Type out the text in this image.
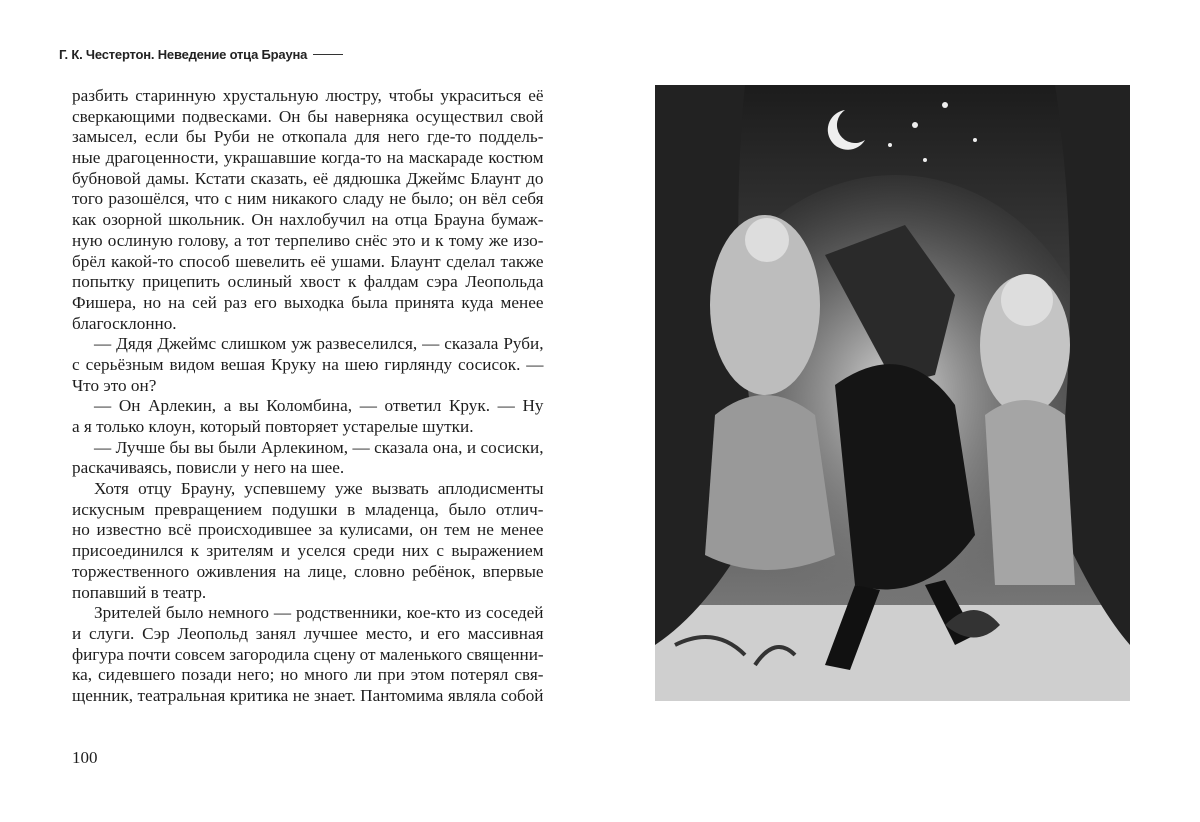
Г. К. Честертон. Неведение отца Брауна
разбить старинную хрустальную люстру, чтобы украситься её
сверкающими подвесками. Он бы наверняка осуществил свой
замысел, если бы Руби не откопала для него где-то поддель-
ные драгоценности, украшавшие когда-то на маскараде костюм
бубновой дамы. Кстати сказать, её дядюшка Джеймс Блаунт до
того разошёлся, что с ним никакого сладу не было; он вёл себя
как озорной школьник. Он нахлобучил на отца Брауна бумаж-
ную ослиную голову, а тот терпеливо снёс это и к тому же изо-
брёл какой-то способ шевелить её ушами. Блаунт сделал также
попытку прицепить ослиный хвост к фалдам сэра Леопольда
Фишера, но на сей раз его выходка была принята куда менее
благосклонно.
— Дядя Джеймс слишком уж развеселился, — сказала Руби,
с серьёзным видом вешая Круку на шею гирлянду сосисок. —
Что это он?
— Он Арлекин, а вы Коломбина, — ответил Крук. — Ну
а я только клоун, который повторяет устарелые шутки.
— Лучше бы вы были Арлекином, — сказала она, и сосиски,
раскачиваясь, повисли у него на шее.
Хотя отцу Брауну, успевшему уже вызвать аплодисменты
искусным превращением подушки в младенца, было отлич-
но известно всё происходившее за кулисами, он тем не менее
присоединился к зрителям и уселся среди них с выражением
торжественного оживления на лице, словно ребёнок, впервые
попавший в театр.
Зрителей было немного — родственники, кое-кто из соседей
и слуги. Сэр Леопольд занял лучшее место, и его массивная
фигура почти совсем загородила сцену от маленького священни-
ка, сидевшего позади него; но много ли при этом потерял свя-
щенник, театральная критика не знает. Пантомима являла собой
100
